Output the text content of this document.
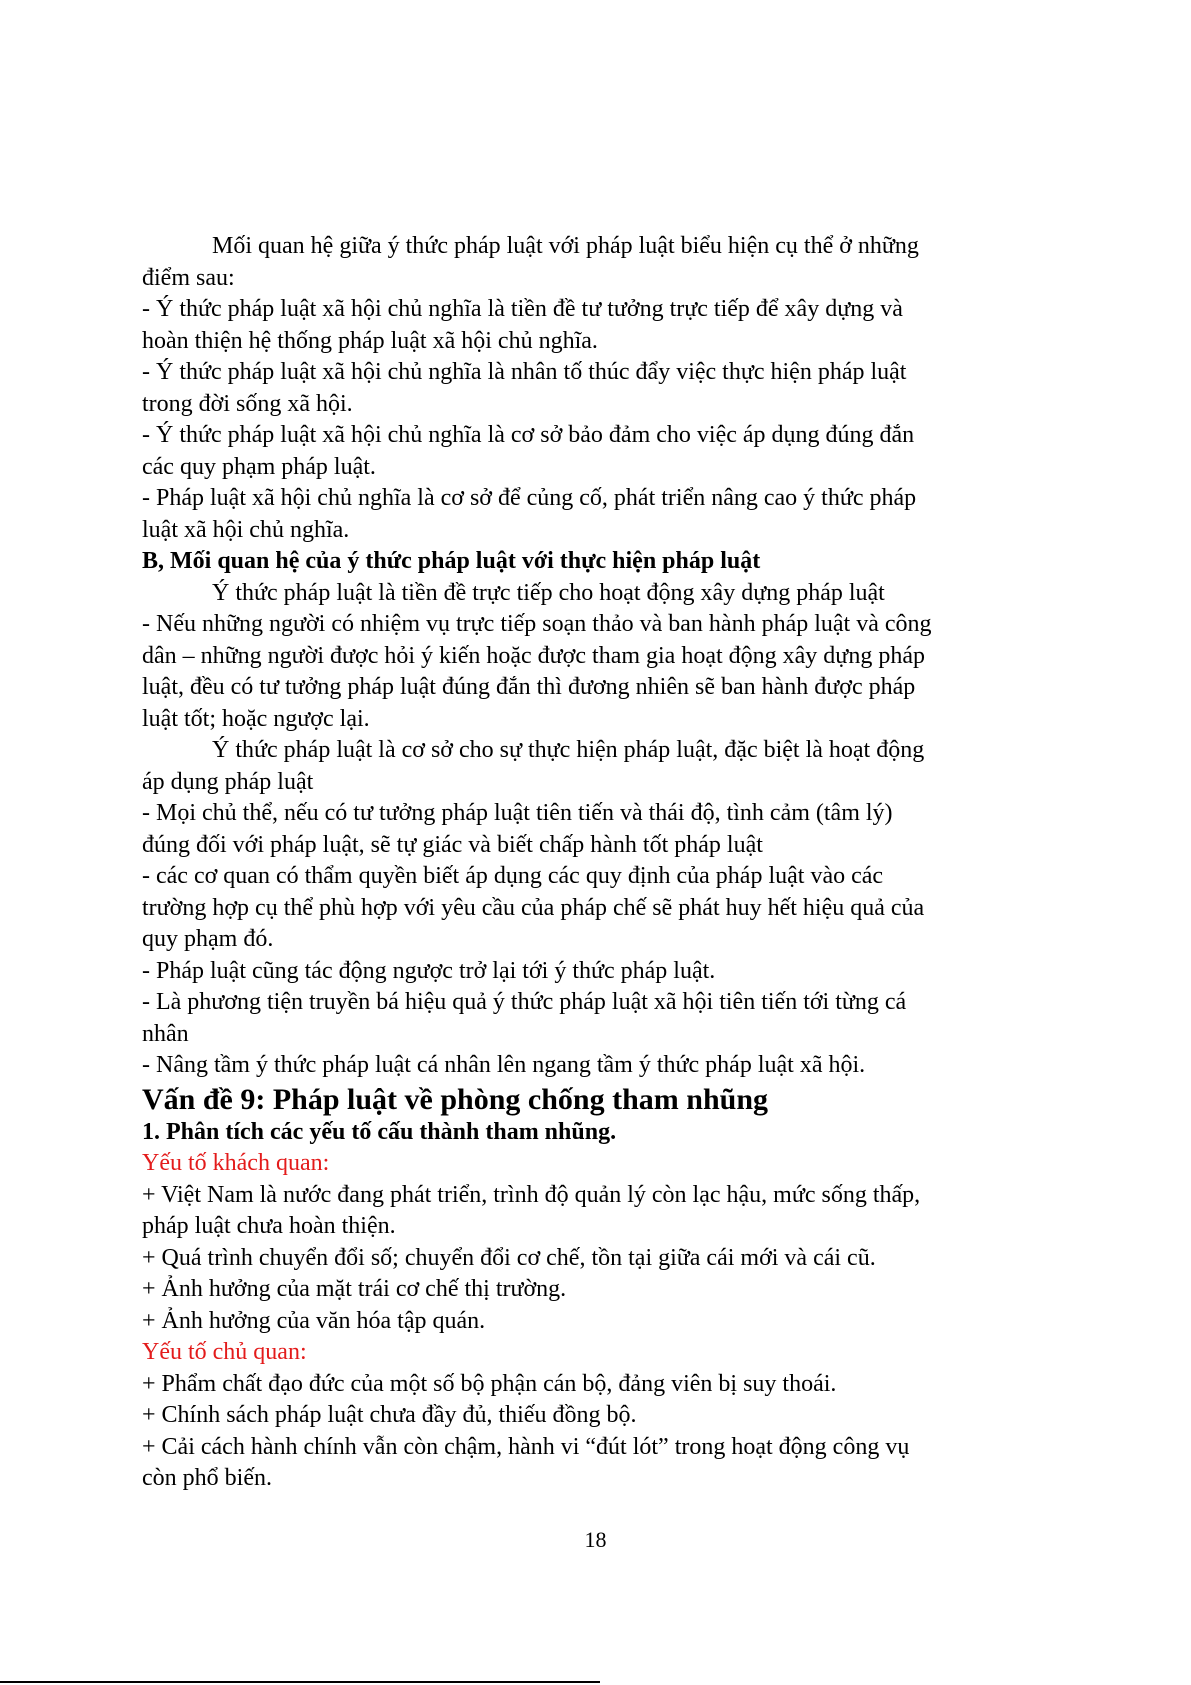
Mối quan hệ giữa ý thức pháp luật với pháp luật biểu hiện cụ thể ở những

điểm sau:

- Ý thức pháp luật xã hội chủ nghĩa là tiền đề tư tưởng trực tiếp để xây dựng và

hoàn thiện hệ thống pháp luật xã hội chủ nghĩa.

- Ý thức pháp luật xã hội chủ nghĩa là nhân tố thúc đẩy việc thực hiện pháp luật

trong đời sống xã hội.

- Ý thức pháp luật xã hội chủ nghĩa là cơ sở bảo đảm cho việc áp dụng đúng đắn

các quy phạm pháp luật.

- Pháp luật xã hội chủ nghĩa là cơ sở để củng cố, phát triển nâng cao ý thức pháp

luật xã hội chủ nghĩa.

B, Mối quan hệ của ý thức pháp luật với thực hiện pháp luật

Ý thức pháp luật là tiền đề trực tiếp cho hoạt động xây dựng pháp luật

- Nếu những người có nhiệm vụ trực tiếp soạn thảo và ban hành pháp luật và công

dân – những người được hỏi ý kiến hoặc được tham gia hoạt động xây dựng pháp

luật, đều có tư tưởng pháp luật đúng đắn thì đương nhiên sẽ ban hành được pháp

luật tốt; hoặc ngược lại.

Ý thức pháp luật là cơ sở cho sự thực hiện pháp luật, đặc biệt là hoạt động

áp dụng pháp luật

- Mọi chủ thể, nếu có tư tưởng pháp luật tiên tiến và thái độ, tình cảm (tâm lý)

đúng đối với pháp luật, sẽ tự giác và biết chấp hành tốt pháp luật

- các cơ quan có thẩm quyền biết áp dụng các quy định của pháp luật vào các

trường hợp cụ thể phù hợp với yêu cầu của pháp chế sẽ phát huy hết hiệu quả của

quy phạm đó.

- Pháp luật cũng tác động ngược trở lại tới ý thức pháp luật.

- Là phương tiện truyền bá hiệu quả ý thức pháp luật xã hội tiên tiến tới từng cá

nhân

- Nâng tầm ý thức pháp luật cá nhân lên ngang tầm ý thức pháp luật xã hội.

Vấn đề 9: Pháp luật về phòng chống tham nhũng

1. Phân tích các yếu tố cấu thành tham nhũng.

Yếu tố khách quan:

+ Việt Nam là nước đang phát triển, trình độ quản lý còn lạc hậu, mức sống thấp,

pháp luật chưa hoàn thiện.

+ Quá trình chuyển đổi số; chuyển đổi cơ chế, tồn tại giữa cái mới và cái cũ.

+ Ảnh hưởng của mặt trái cơ chế thị trường.

+ Ảnh hưởng của văn hóa tập quán.

Yếu tố chủ quan:

+ Phẩm chất đạo đức của một số bộ phận cán bộ, đảng viên bị suy thoái.

+ Chính sách pháp luật chưa đầy đủ, thiếu đồng bộ.

+ Cải cách hành chính vẫn còn chậm, hành vi “đút lót” trong hoạt động công vụ

còn phổ biến.

18
